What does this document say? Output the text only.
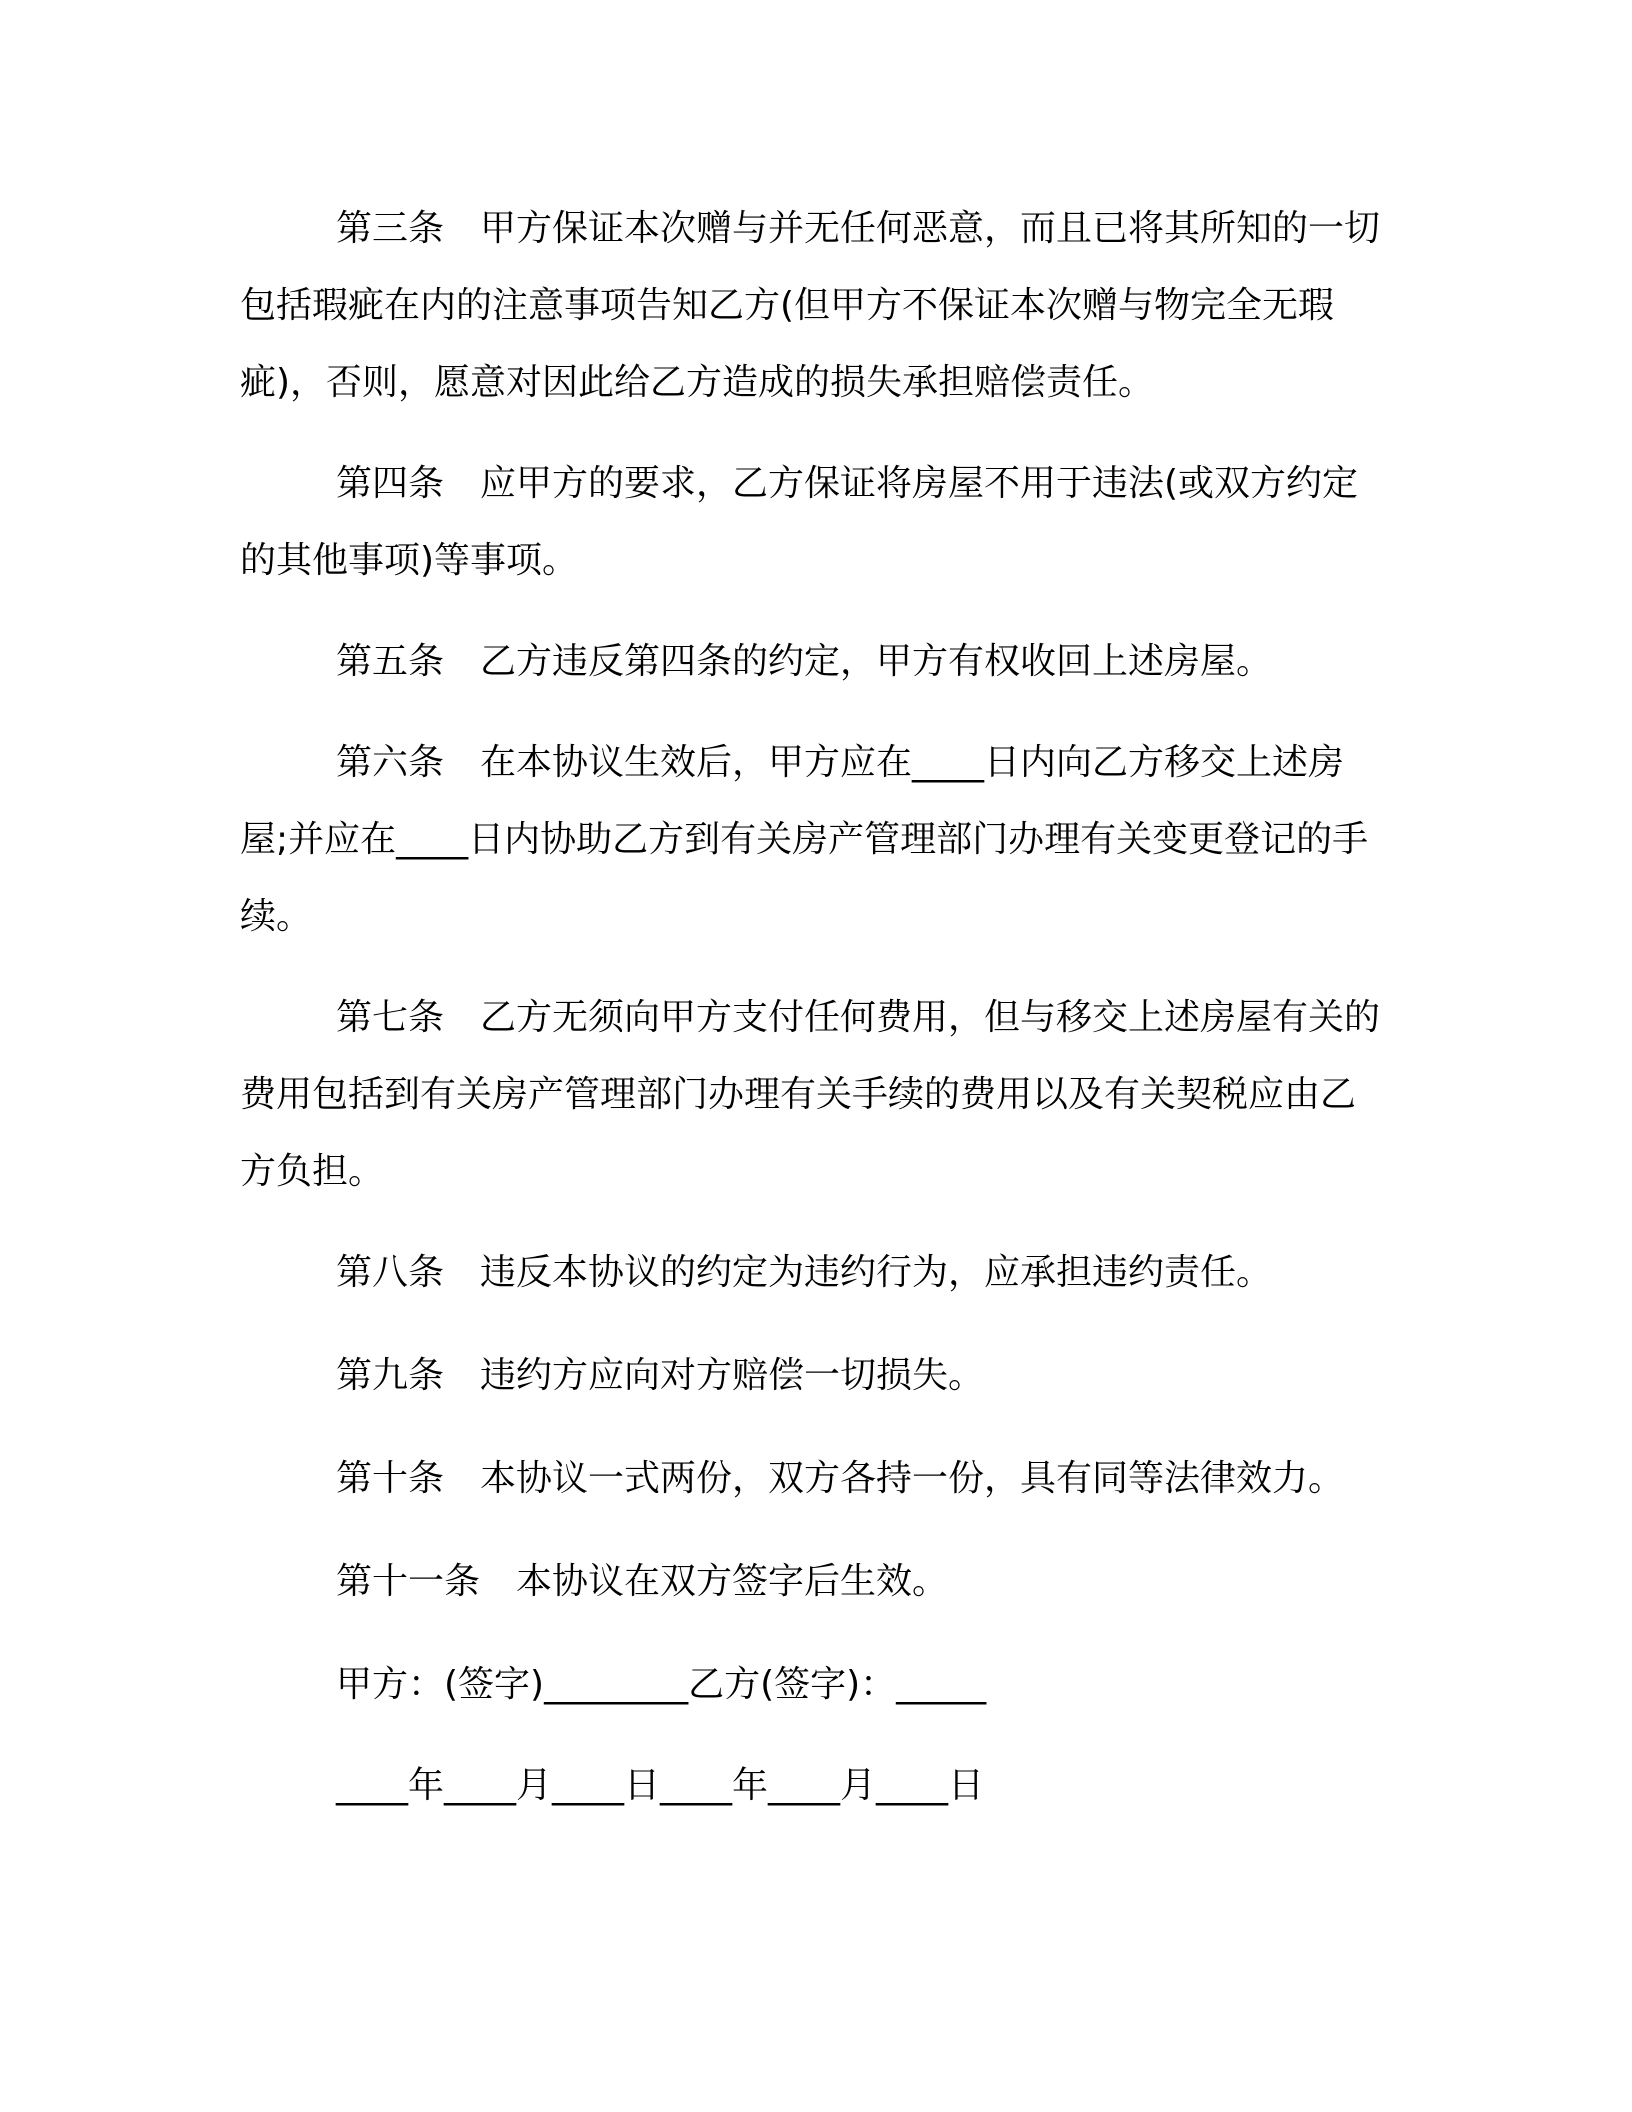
第三条　甲方保证本次赠与并无任何恶意，而且已将其所知的一切包括瑕疵在内的注意事项告知乙方(但甲方不保证本次赠与物完全无瑕疵)，否则，愿意对因此给乙方造成的损失承担赔偿责任。

第四条　应甲方的要求，乙方保证将房屋不用于违法(或双方约定的其他事项)等事项。

第五条　乙方违反第四条的约定，甲方有权收回上述房屋。

第六条　在本协议生效后，甲方应在____日内向乙方移交上述房屋;并应在____日内协助乙方到有关房产管理部门办理有关变更登记的手续。

第七条　乙方无须向甲方支付任何费用，但与移交上述房屋有关的费用包括到有关房产管理部门办理有关手续的费用以及有关契税应由乙方负担。

第八条　违反本协议的约定为违约行为，应承担违约责任。

第九条　违约方应向对方赔偿一切损失。

第十条　本协议一式两份，双方各持一份，具有同等法律效力。

第十一条　本协议在双方签字后生效。

甲方：(签字)________乙方(签字)：_____

____年____月____日____年____月____日
